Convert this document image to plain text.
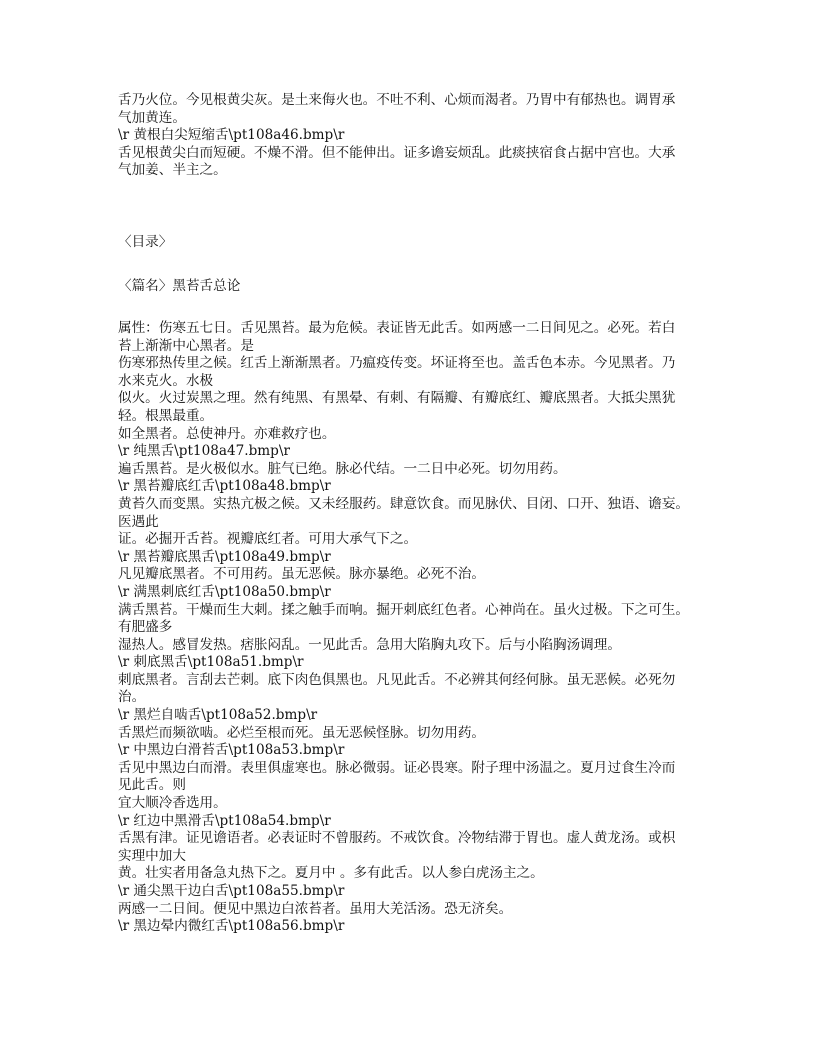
舌乃火位。今见根黄尖灰。是土来侮火也。不吐不利、心烦而渴者。乃胃中有郁热也。调胃承
气加黄连。
\r 黄根白尖短缩舌\pt108a46.bmp\r
舌见根黄尖白而短硬。不燥不滑。但不能伸出。证多谵妄烦乱。此痰挟宿食占据中宫也。大承
气加姜、半主之。
〈目录〉
〈篇名〉黑苔舌总论
属性：伤寒五七日。舌见黑苔。最为危候。表证皆无此舌。如两感一二日间见之。必死。若白
苔上渐渐中心黑者。是
伤寒邪热传里之候。红舌上渐渐黑者。乃瘟疫传变。坏证将至也。盖舌色本赤。今见黑者。乃
水来克火。水极
似火。火过炭黑之理。然有纯黑、有黑晕、有刺、有隔瓣、有瓣底红、瓣底黑者。大抵尖黑犹
轻。根黑最重。
如全黑者。总使神丹。亦难救疗也。
\r 纯黑舌\pt108a47.bmp\r
遍舌黑苔。是火极似水。脏气已绝。脉必代结。一二日中必死。切勿用药。
\r 黑苔瓣底红舌\pt108a48.bmp\r
黄苔久而变黑。实热亢极之候。又未经服药。肆意饮食。而见脉伏、目闭、口开、独语、谵妄。
医遇此
证。必掘开舌苔。视瓣底红者。可用大承气下之。
\r 黑苔瓣底黑舌\pt108a49.bmp\r
凡见瓣底黑者。不可用药。虽无恶候。脉亦暴绝。必死不治。
\r 满黑刺底红舌\pt108a50.bmp\r
满舌黑苔。干燥而生大刺。揉之触手而响。掘开刺底红色者。心神尚在。虽火过极。下之可生。
有肥盛多
湿热人。感冒发热。痞胀闷乱。一见此舌。急用大陷胸丸攻下。后与小陷胸汤调理。
\r 刺底黑舌\pt108a51.bmp\r
刺底黑者。言刮去芒刺。底下肉色俱黑也。凡见此舌。不必辨其何经何脉。虽无恶候。必死勿
治。
\r 黑烂自啮舌\pt108a52.bmp\r
舌黑烂而频欲啮。必烂至根而死。虽无恶候怪脉。切勿用药。
\r 中黑边白滑苔舌\pt108a53.bmp\r
舌见中黑边白而滑。表里俱虚寒也。脉必微弱。证必畏寒。附子理中汤温之。夏月过食生冷而
见此舌。则
宜大顺冷香选用。
\r 红边中黑滑舌\pt108a54.bmp\r
舌黑有津。证见谵语者。必表证时不曾服药。不戒饮食。冷物结滞于胃也。虚人黄龙汤。或枳
实理中加大
黄。壮实者用备急丸热下之。夏月中 。多有此舌。以人参白虎汤主之。
\r 通尖黑干边白舌\pt108a55.bmp\r
两感一二日间。便见中黑边白浓苔者。虽用大羌活汤。恐无济矣。
\r 黑边晕内微红舌\pt108a56.bmp\r
